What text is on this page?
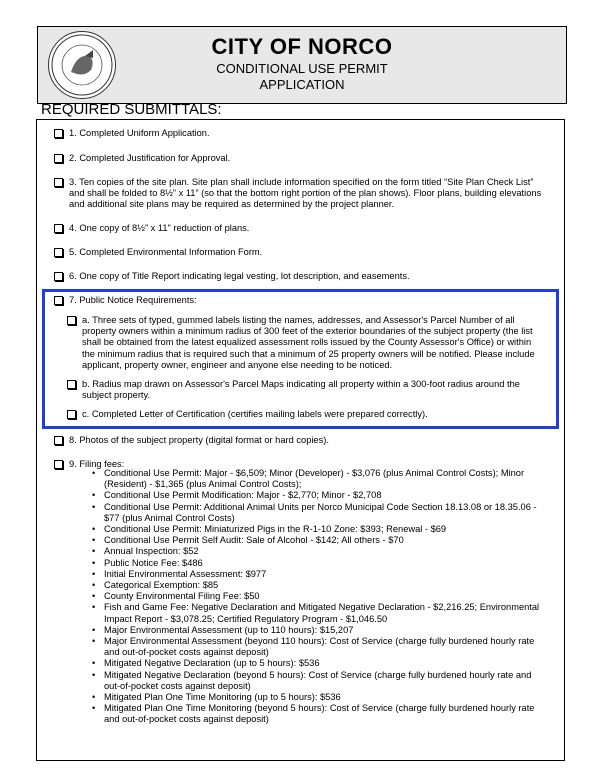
CITY OF NORCO
CONDITIONAL USE PERMIT
APPLICATION
REQUIRED SUBMITTALS:
1. Completed Uniform Application.
2. Completed Justification for Approval.
3. Ten copies of the site plan. Site plan shall include information specified on the form titled “Site Plan Check List” and shall be folded to 8½” x 11” (so that the bottom right portion of the plan shows). Floor plans, building elevations and additional site plans may be required as determined by the project planner.
4. One copy of 8½” x 11" reduction of plans.
5. Completed Environmental Information Form.
6. One copy of Title Report indicating legal vesting, lot description, and easements.
7. Public Notice Requirements:
a. Three sets of typed, gummed labels listing the names, addresses, and Assessor's Parcel Number of all property owners within a minimum radius of 300 feet of the exterior boundaries of the subject property (the list shall be obtained from the latest equalized assessment rolls issued by the County Assessor's Office) or within the minimum radius that is required such that a minimum of 25 property owners will be notified. Please include applicant, property owner, engineer and anyone else needing to be noticed.
b. Radius map drawn on Assessor's Parcel Maps indicating all property within a 300-foot radius around the subject property.
c. Completed Letter of Certification (certifies mailing labels were prepared correctly).
8. Photos of the subject property (digital format or hard copies).
9. Filing fees:
• Conditional Use Permit: Major - $6,509; Minor (Developer) - $3,076 (plus Animal Control Costs); Minor (Resident) - $1,365 (plus Animal Control Costs);
• Conditional Use Permit Modification: Major - $2,770; Minor - $2,708
• Conditional Use Permit: Additional Animal Units per Norco Municipal Code Section 18.13.08 or 18.35.06 - $77 (plus Animal Control Costs)
• Conditional Use Permit: Miniaturized Pigs in the R-1-10 Zone: $393; Renewal - $69
• Conditional Use Permit Self Audit: Sale of Alcohol - $142; All others - $70
• Annual Inspection: $52
• Public Notice Fee: $486
• Initial Environmental Assessment: $977
• Categorical Exemption: $85
• County Environmental Filing Fee: $50
• Fish and Game Fee: Negative Declaration and Mitigated Negative Declaration - $2,216.25; Environmental Impact Report - $3,078.25; Certified Regulatory Program - $1,046.50
• Major Environmental Assessment (up to 110 hours): $15,207
• Major Environmental Assessment (beyond 110 hours): Cost of Service (charge fully burdened hourly rate and out-of-pocket costs against deposit)
• Mitigated Negative Declaration (up to 5 hours): $536
• Mitigated Negative Declaration (beyond 5 hours): Cost of Service (charge fully burdened hourly rate and out-of-pocket costs against deposit)
• Mitigated Plan One Time Monitoring (up to 5 hours): $536
• Mitigated Plan One Time Monitoring (beyond 5 hours): Cost of Service (charge fully burdened hourly rate and out-of-pocket costs against deposit)
